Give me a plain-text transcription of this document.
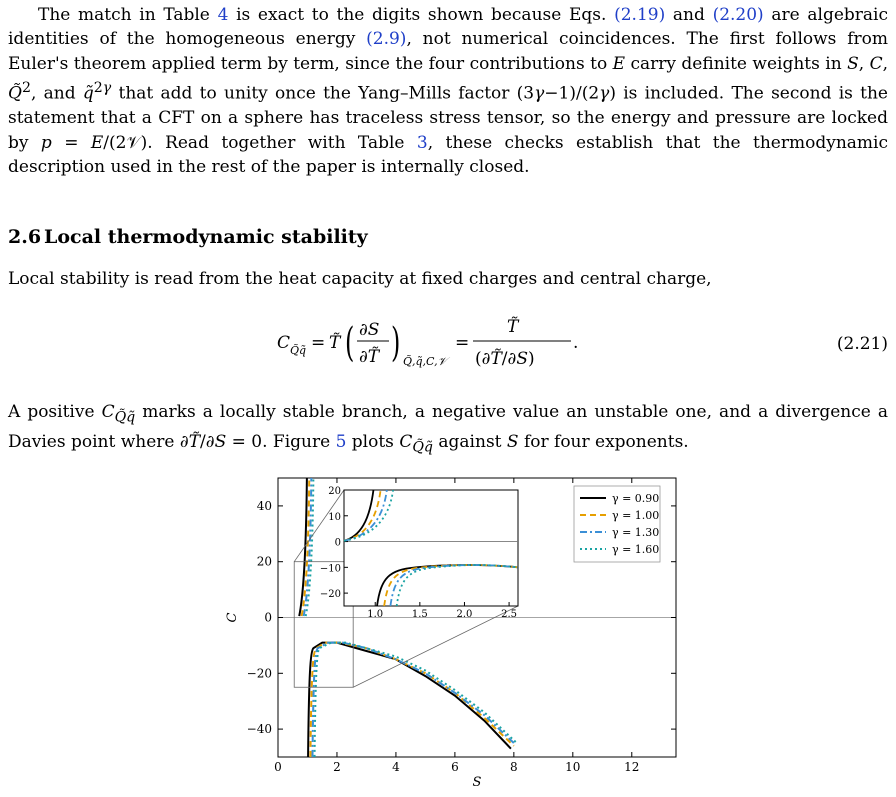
The match in Table 4 is exact to the digits shown because Eqs. (2.19) and (2.20) are algebraic identities of the homogeneous energy (2.9), not numerical coincidences. The first follows from Euler's theorem applied term by term, since the four contributions to E carry definite weights in S, C, Q̃$^2$, and q̃$^{2\gamma}$ that add to unity once the Yang–Mills factor (3γ−1)/(2γ) is included. The second is the statement that a CFT on a sphere has traceless stress tensor, so the energy and pressure are locked by p = E/(2𝒱). Read together with Table 3, these checks establish that the thermodynamic description used in the rest of the paper is internally closed.

2.6 Local thermodynamic stability

Local stability is read from the heat capacity at fixed charges and central charge,

C Q̃q̃ = T̃ ( ∂S
∂T̃ ) Q̃,q̃,C,𝒱
=
T̃
(∂T̃/∂S)
.	(2.21)

A positive $C_{Q̃q̃}$ marks a locally stable branch, a negative value an unstable one, and a divergence a Davies point where ∂T̃/∂S = 0. Figure 5 plots $C_{Q̃q̃}$ against S for four exponents.

0	2	4	6	8	10	12
−40
−20
0
20
40
S
C	1.0	1.5	2.0	2.5
−20
−10
0
10
20
γ = 0.90
γ = 1.00
γ = 1.30
γ = 1.60
